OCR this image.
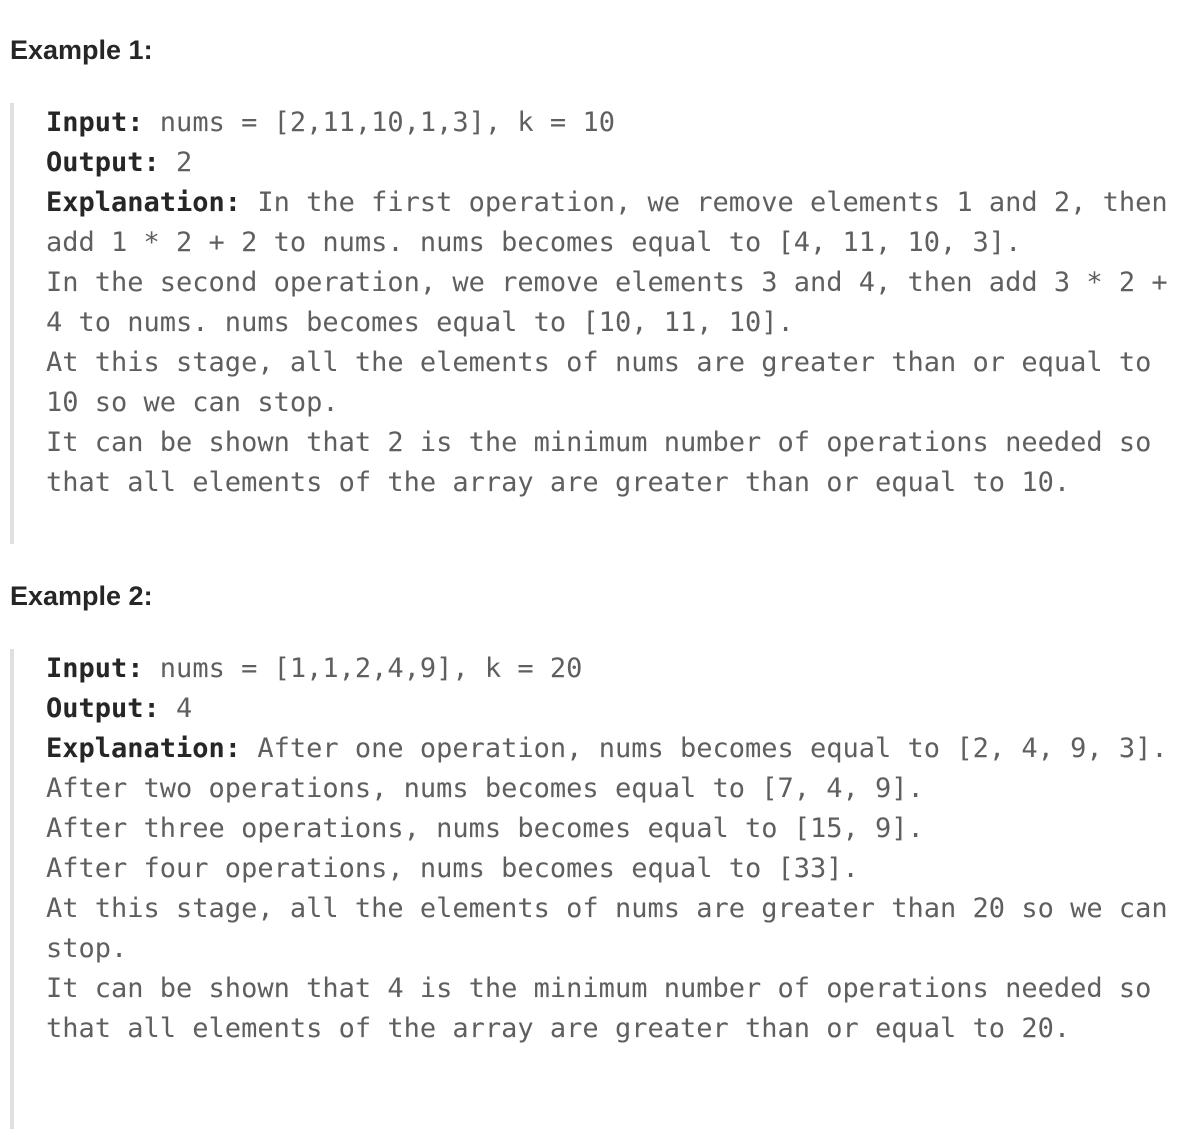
Example 1:
Input: nums = [2,11,10,1,3], k = 10
Output: 2
Explanation: In the first operation, we remove elements 1 and 2, then add 1 * 2 + 2 to nums. nums becomes equal to [4, 11, 10, 3].
In the second operation, we remove elements 3 and 4, then add 3 * 2 + 4 to nums. nums becomes equal to [10, 11, 10].
At this stage, all the elements of nums are greater than or equal to 10 so we can stop.
It can be shown that 2 is the minimum number of operations needed so that all elements of the array are greater than or equal to 10.
Example 2:
Input: nums = [1,1,2,4,9], k = 20
Output: 4
Explanation: After one operation, nums becomes equal to [2, 4, 9, 3].
After two operations, nums becomes equal to [7, 4, 9].
After three operations, nums becomes equal to [15, 9].
After four operations, nums becomes equal to [33].
At this stage, all the elements of nums are greater than 20 so we can stop.
It can be shown that 4 is the minimum number of operations needed so that all elements of the array are greater than or equal to 20.
